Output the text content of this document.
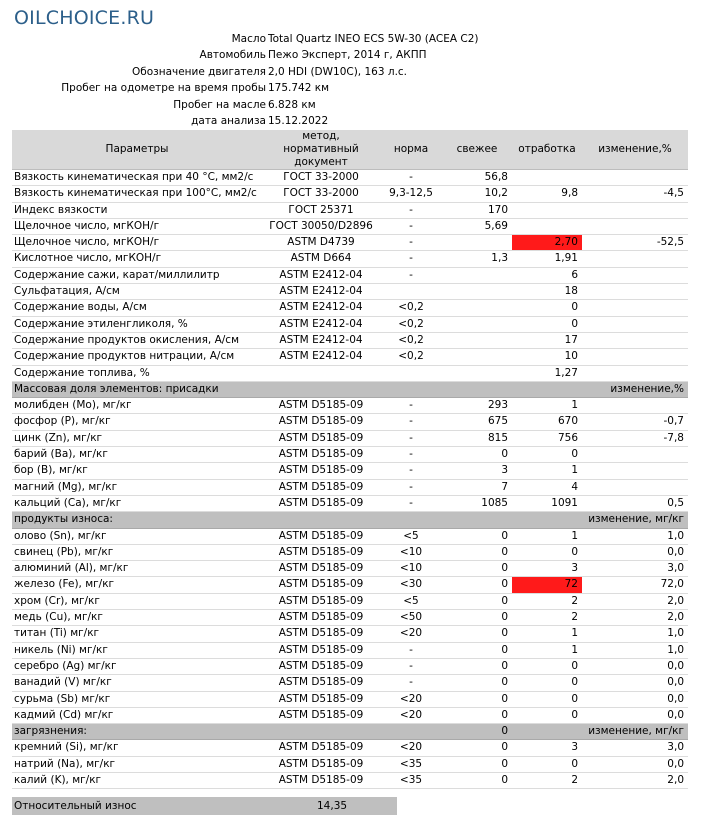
OILCHOICE.RU
Масло Total Quartz INEO ECS 5W-30 (ACEA C2)
Автомобиль Пежо Эксперт, 2014 г, АКПП
Обозначение двигателя 2,0 HDI (DW10C), 163 л.с.
Пробег на одометре на время пробы 175.742 км
Пробег на масле 6.828 км
дата анализа 15.12.2022
Параметры	метод, нормативный документ	норма	свежее	отработка	изменение,%
Вязкость кинематическая при 40 °С, мм2/с	ГОСТ 33-2000	-	56,8		
Вязкость кинематическая при 100°С, мм2/с	ГОСТ 33-2000	9,3-12,5	10,2	9,8	-4,5
Индекс вязкости	ГОСТ 25371	-	170		
Щелочное число, мгКОН/г	ГОСТ 30050/D2896	-	5,69		
Щелочное число, мгКОН/г	ASTM D4739	-		2,70	-52,5
Кислотное число, мгКОН/г	ASTM D664	-	1,3	1,91	
Содержание сажи, карат/миллилитр	ASTM E2412-04	-		6	
Сульфатация, А/см	ASTM E2412-04			18	
Содержание воды, А/см	ASTM E2412-04	<0,2		0	
Содержание этиленгликоля, %	ASTM E2412-04	<0,2		0	
Содержание продуктов окисления, А/см	ASTM E2412-04	<0,2		17	
Содержание продуктов нитрации, А/см	ASTM E2412-04	<0,2		10	
Содержание топлива, %				1,27	
Массовая доля элементов: присадки				изменение,%	
молибден (Mo), мг/кг	ASTM D5185-09	-	293	1	
фосфор (P), мг/кг	ASTM D5185-09	-	675	670	-0,7
цинк (Zn), мг/кг	ASTM D5185-09	-	815	756	-7,8
барий (Ba), мг/кг	ASTM D5185-09	-	0	0	
бор (B), мг/кг	ASTM D5185-09	-	3	1	
магний (Mg), мг/кг	ASTM D5185-09	-	7	4	
кальций (Ca), мг/кг	ASTM D5185-09	-	1085	1091	0,5
продукты износа:				изменение, мг/кг	
олово (Sn), мг/кг	ASTM D5185-09	<5	0	1	1,0
свинец (Pb), мг/кг	ASTM D5185-09	<10	0	0	0,0
алюминий (Al), мг/кг	ASTM D5185-09	<10	0	3	3,0
железо (Fe), мг/кг	ASTM D5185-09	<30	0	72	72,0
хром (Cr), мг/кг	ASTM D5185-09	<5	0	2	2,0
медь (Cu), мг/кг	ASTM D5185-09	<50	0	2	2,0
титан (Ti) мг/кг	ASTM D5185-09	<20	0	1	1,0
никель (Ni) мг/кг	ASTM D5185-09	-	0	1	1,0
серебро (Ag) мг/кг	ASTM D5185-09	-	0	0	0,0
ванадий (V) мг/кг	ASTM D5185-09	-	0	0	0,0
сурьма (Sb) мг/кг	ASTM D5185-09	<20	0	0	0,0
кадмий (Cd) мг/кг	ASTM D5185-09	<20	0	0	0,0
загрязнения:			0	изменение, мг/кг	
кремний (Si), мг/кг	ASTM D5185-09	<20	0	3	3,0
натрий (Na), мг/кг	ASTM D5185-09	<35	0	0	0,0
калий (K), мг/кг	ASTM D5185-09	<35	0	2	2,0
Относительный износ	14,35
